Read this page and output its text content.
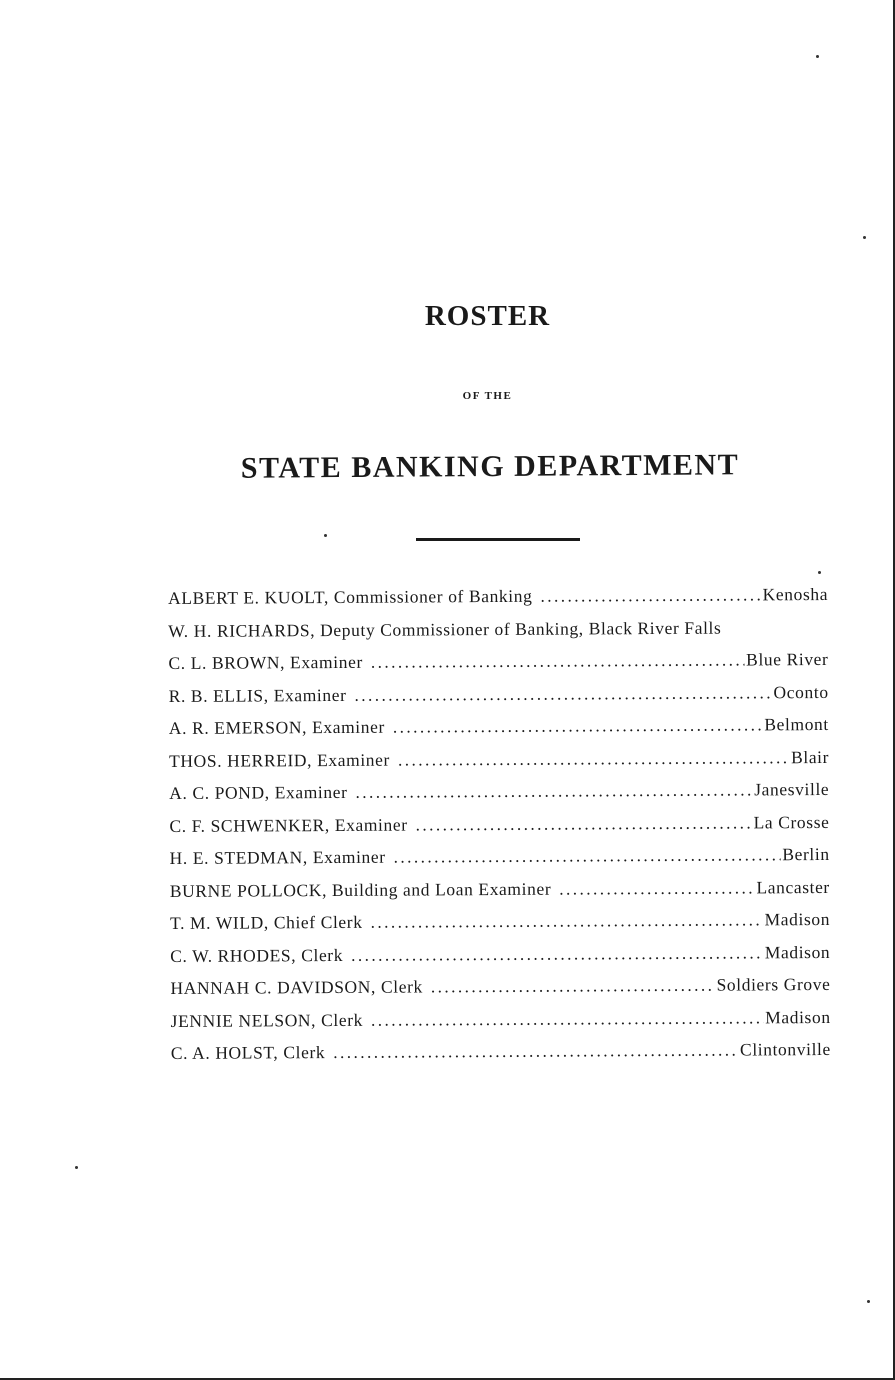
ROSTER
OF THE
STATE BANKING DEPARTMENT
ALBERT E. KUOLT, Commissioner of Banking . . .	Kenosha
W. H. RICHARDS, Deputy Commissioner of Banking, Black River Falls
C. L. BROWN, Examiner . . .	Blue River
R. B. ELLIS, Examiner . . .	Oconto
A. R. EMERSON, Examiner . . .	Belmont
THOS. HERREID, Examiner . . .	Blair
A. C. POND, Examiner . . .	Janesville
C. F. SCHWENKER, Examiner . . .	La Crosse
H. E. STEDMAN, Examiner . . .	Berlin
BURNE POLLOCK, Building and Loan Examiner . . .	Lancaster
T. M. WILD, Chief Clerk . . .	Madison
C. W. RHODES, Clerk . . .	Madison
HANNAH C. DAVIDSON, Clerk . . .	Soldiers Grove
JENNIE NELSON, Clerk . . .	Madison
C. A. HOLST, Clerk . . .	Clintonville
